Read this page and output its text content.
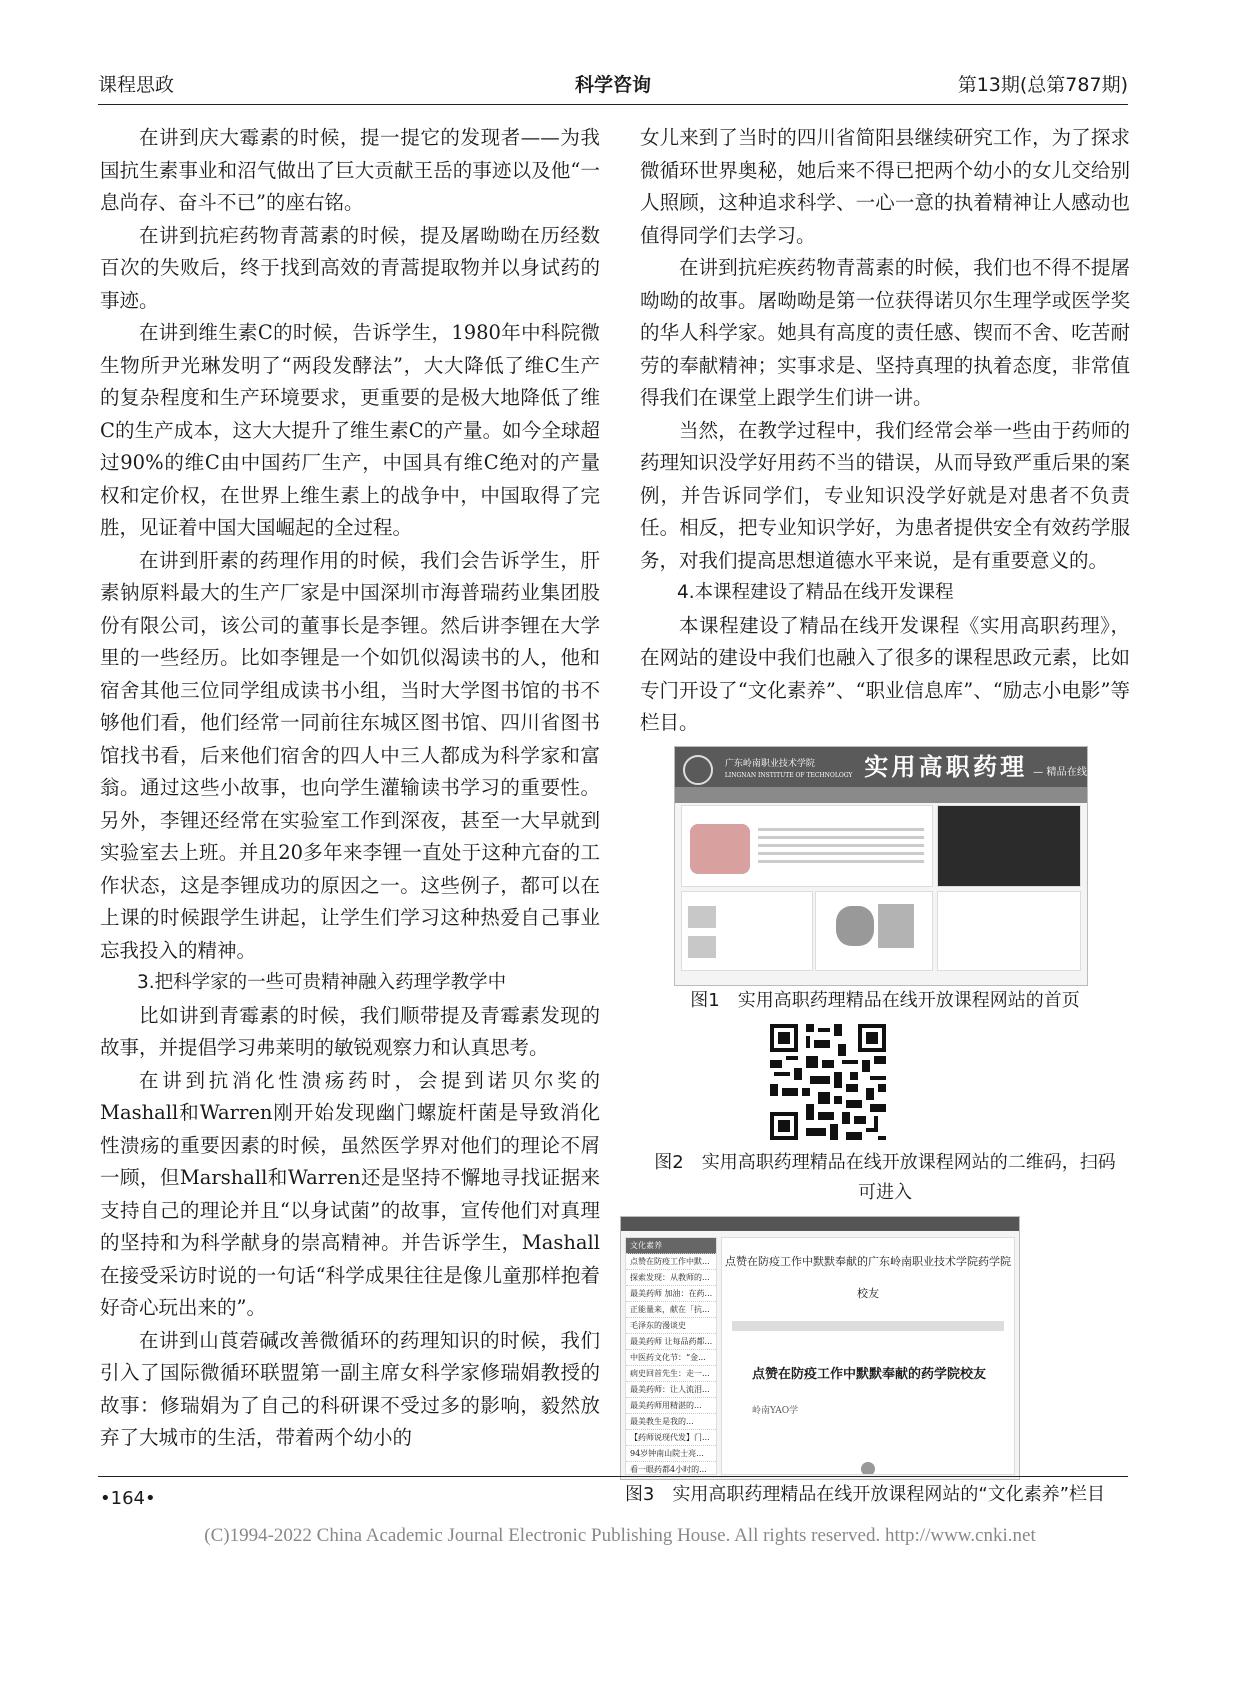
课程思政	科学咨询	第13期(总第787期)

在讲到庆大霉素的时候，提一提它的发现者——为我国抗生素事业和沼气做出了巨大贡献王岳的事迹以及他“一息尚存、奋斗不已”的座右铭。

在讲到抗疟药物青蒿素的时候，提及屠呦呦在历经数百次的失败后，终于找到高效的青蒿提取物并以身试药的事迹。

在讲到维生素C的时候，告诉学生，1980年中科院微生物所尹光琳发明了“两段发酵法”，大大降低了维C生产的复杂程度和生产环境要求，更重要的是极大地降低了维C的生产成本，这大大提升了维生素C的产量。如今全球超过90%的维C由中国药厂生产，中国具有维C绝对的产量权和定价权，在世界上维生素上的战争中，中国取得了完胜，见证着中国大国崛起的全过程。

在讲到肝素的药理作用的时候，我们会告诉学生，肝素钠原料最大的生产厂家是中国深圳市海普瑞药业集团股份有限公司，该公司的董事长是李锂。然后讲李锂在大学里的一些经历。比如李锂是一个如饥似渴读书的人，他和宿舍其他三位同学组成读书小组，当时大学图书馆的书不够他们看，他们经常一同前往东城区图书馆、四川省图书馆找书看，后来他们宿舍的四人中三人都成为科学家和富翁。通过这些小故事，也向学生灌输读书学习的重要性。另外，李锂还经常在实验室工作到深夜，甚至一大早就到实验室去上班。并且20多年来李锂一直处于这种亢奋的工作状态，这是李锂成功的原因之一。这些例子，都可以在上课的时候跟学生讲起，让学生们学习这种热爱自己事业忘我投入的精神。

3.把科学家的一些可贵精神融入药理学教学中

比如讲到青霉素的时候，我们顺带提及青霉素发现的故事，并提倡学习弗莱明的敏锐观察力和认真思考。

在讲到抗消化性溃疡药时，会提到诺贝尔奖的Mashall和Warren刚开始发现幽门螺旋杆菌是导致消化性溃疡的重要因素的时候，虽然医学界对他们的理论不屑一顾，但Marshall和Warren还是坚持不懈地寻找证据来支持自己的理论并且“以身试菌”的故事，宣传他们对真理的坚持和为科学献身的崇高精神。并告诉学生，Mashall在接受采访时说的一句话“科学成果往往是像儿童那样抱着好奇心玩出来的”。

在讲到山莨菪碱改善微循环的药理知识的时候，我们引入了国际微循环联盟第一副主席女科学家修瑞娟教授的故事：修瑞娟为了自己的科研课不受过多的影响，毅然放弃了大城市的生活，带着两个幼小的

女儿来到了当时的四川省简阳县继续研究工作，为了探求微循环世界奥秘，她后来不得已把两个幼小的女儿交给别人照顾，这种追求科学、一心一意的执着精神让人感动也值得同学们去学习。

在讲到抗疟疾药物青蒿素的时候，我们也不得不提屠呦呦的故事。屠呦呦是第一位获得诺贝尔生理学或医学奖的华人科学家。她具有高度的责任感、锲而不舍、吃苦耐劳的奉献精神；实事求是、坚持真理的执着态度，非常值得我们在课堂上跟学生们讲一讲。

当然，在教学过程中，我们经常会举一些由于药师的药理知识没学好用药不当的错误，从而导致严重后果的案例，并告诉同学们，专业知识没学好就是对患者不负责任。相反，把专业知识学好，为患者提供安全有效药学服务，对我们提高思想道德水平来说，是有重要意义的。

4.本课程建设了精品在线开发课程

本课程建设了精品在线开发课程《实用高职药理》，在网站的建设中我们也融入了很多的课程思政元素，比如专门开设了“文化素养”、“职业信息库”、“励志小电影”等栏目。

广东岭南职业技术学院
LINGNAN INSTITUTE OF TECHNOLOGY 实用高职药理 — 精品在线
图1　实用高职药理精品在线开放课程网站的首页
图2　实用高职药理精品在线开放课程网站的二维码，扫码
可进入
文化素养
点赞在防疫工作中默...
探索发现：从教师的...
最美药师 加油：在药...
正能量来，献在「抗...
毛泽东的漫谈史
最美药师 让每品药都...
中医药文化节：“金...
病史回首先生：走一...
最美药师：让人流泪...
最美药师用精湛的...
最美教生是我的...
【药师说现代发】门...
94岁钟南山院士亮...
看一眼药都4小时的...
点赞在防疫工作中默默奉献的广东岭南职业技术学院药学院校友
点赞在防疫工作中默默奉献的药学院校友
岭南YAO学
图3　实用高职药理精品在线开放课程网站的“文化素养”栏目
•164•
(C)1994-2022 China Academic Journal Electronic Publishing House. All rights reserved. http://www.cnki.net
